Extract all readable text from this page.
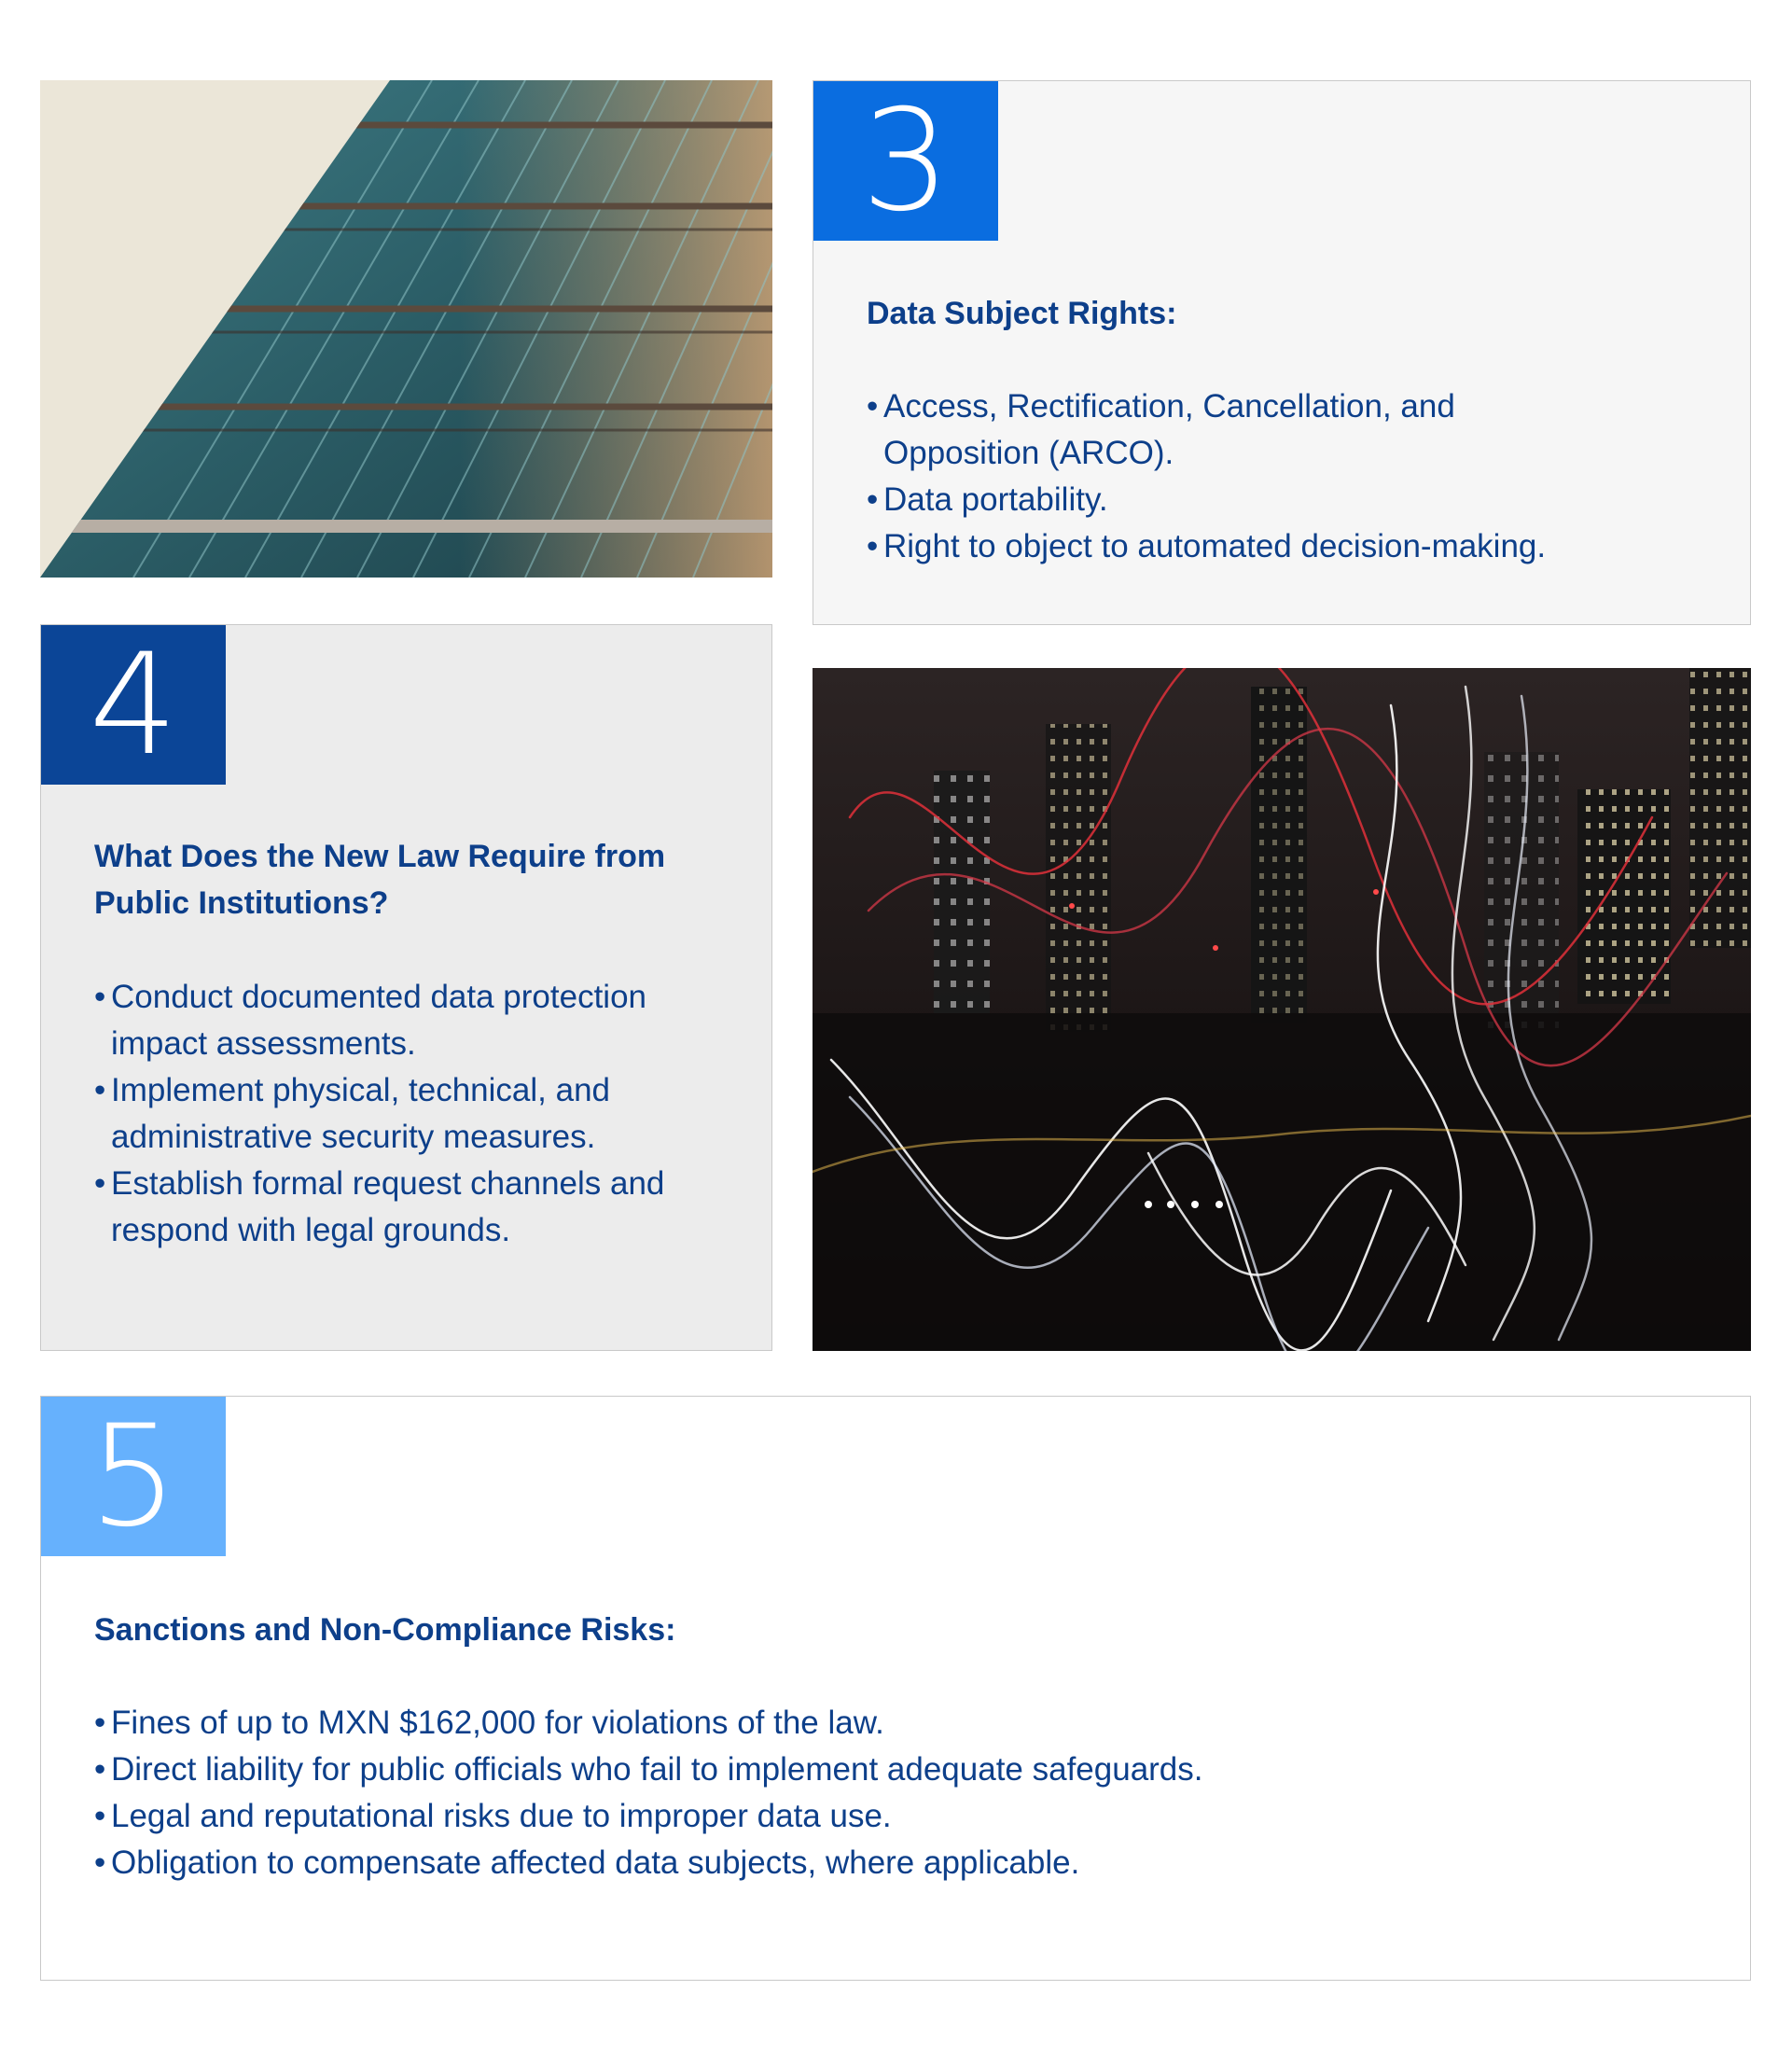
3
Data Subject Rights:
• Access, Rectification, Cancellation, and Opposition (ARCO).
• Data portability.
• Right to object to automated decision-making.
4
What Does the New Law Require from Public Institutions?
• Conduct documented data protection impact assessments.
• Implement physical, technical, and administrative security measures.
• Establish formal request channels and respond with legal grounds.
5
Sanctions and Non-Compliance Risks:
• Fines of up to MXN $162,000 for violations of the law.
• Direct liability for public officials who fail to implement adequate safeguards.
• Legal and reputational risks due to improper data use.
• Obligation to compensate affected data subjects, where applicable.
